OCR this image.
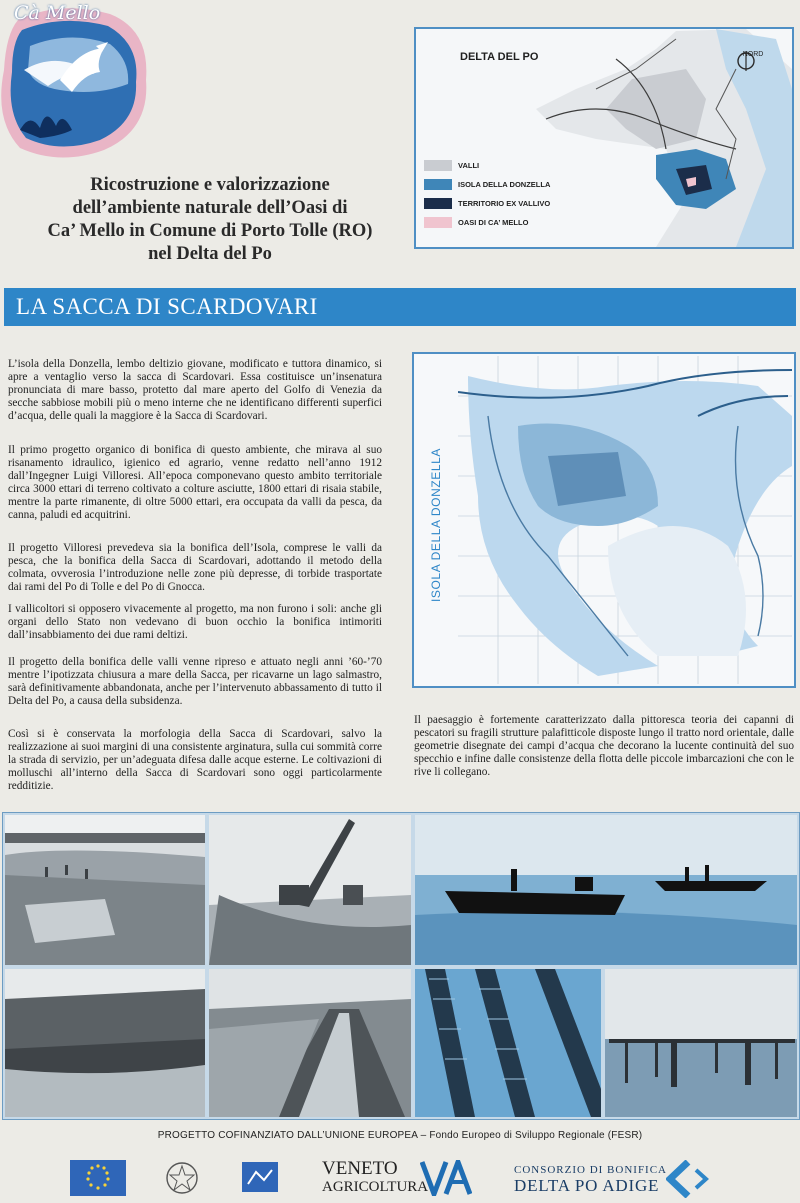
Cà Mello
Ricostruzione e valorizzazione
dell’ambiente naturale dell’Oasi di
Ca’ Mello in Comune di Porto Tolle (RO)
nel Delta del Po
DELTA DEL PO	NORD
VALLI
ISOLA DELLA DONZELLA
TERRITORIO EX VALLIVO
OASI DI CA’ MELLO
LA SACCA DI SCARDOVARI
L’isola della Donzella, lembo deltizio giovane, modificato e tuttora dinamico, si apre a ventaglio verso la sacca di Scardovari. Essa costituisce un’insenatura pronunciata di mare basso, protetto dal mare aperto del Golfo di Venezia da secche sabbiose mobili più o meno interne che ne identificano differenti superfici d’acqua, delle quali la maggiore è la Sacca di Scardovari.
Il primo progetto organico di bonifica di questo ambiente, che mirava al suo risanamento idraulico, igienico ed agrario, venne redatto nell’anno 1912 dall’Ingegner Luigi Villoresi. All’epoca componevano questo ambito territoriale circa 3000 ettari di terreno coltivato a colture asciutte, 1800 ettari di risaia stabile, mentre la parte rimanente, di oltre 5000 ettari, era occupata da valli da pesca, da canna, paludi ed acquitrini.
Il progetto Villoresi prevedeva sia la bonifica dell’Isola, comprese le valli da pesca, che la bonifica della Sacca di Scardovari, adottando il metodo della colmata, ovverosia l’introduzione nelle zone più depresse, di torbide trasportate dai rami del Po di Tolle e del Po di Gnocca.
I vallicoltori si opposero vivacemente al progetto, ma non furono i soli: anche gli organi dello Stato non vedevano di buon occhio la bonifica intimoriti dall’insabbiamento dei due rami deltizi.
Il progetto della bonifica delle valli venne ripreso e attuato negli anni ’60-’70 mentre l’ipotizzata chiusura a mare della Sacca, per ricavarne un lago salmastro, sarà definitivamente abbandonata, anche per l’intervenuto abbassamento di tutto il Delta del Po, a causa della subsidenza.
Così si è conservata la morfologia della Sacca di Scardovari, salvo la realizzazione ai suoi margini di una consistente arginatura, sulla cui sommità corre la strada di servizio, per un’adeguata difesa dalle acque esterne. Le coltivazioni di molluschi all’interno della Sacca di Scardovari sono oggi particolarmente redditizie.
ISOLA DELLA DONZELLA
Il paesaggio è fortemente caratterizzato dalla pittoresca teoria dei capanni di pescatori su fragili strutture palafitticole disposte lungo il tratto nord orientale, dalle geometrie disegnate dei campi d’acqua che decorano la lucente continuità del suo specchio e infine dalle consistenze della flotta delle piccole imbarcazioni che con le rive li collegano.
PROGETTO COFINANZIATO DALL’UNIONE EUROPEA – Fondo Europeo di Sviluppo Regionale (FESR)
VENETO
AGRICOLTURA
CONSORZIO DI BONIFICA
DELTA PO ADIGE
